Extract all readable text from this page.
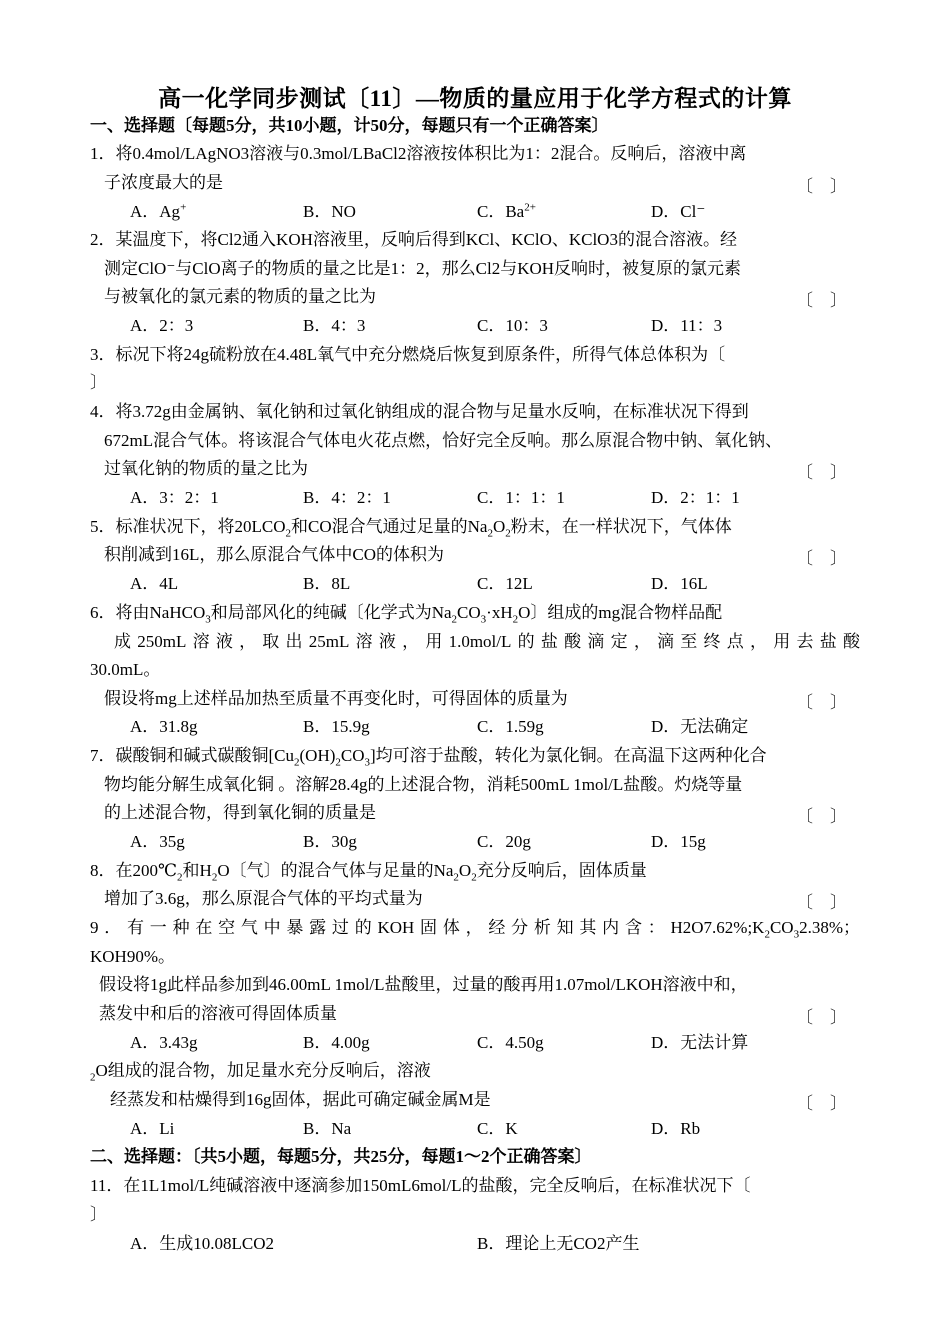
高一化学同步测试〔11〕—物质的量应用于化学方程式的计算
一、选择题〔每题5分，共10小题，计50分，每题只有一个正确答案〕
1．将0.4mol/LAgNO3溶液与0.3mol/LBaCl2溶液按体积比为1：2混合。反响后，溶液中离
子浓度最大的是	〔    〕
A．Ag+	B．NO	C．$Ba^{2+}$	D．Cl⁻
2．某温度下，将Cl2通入KOH溶液里，反响后得到KCl、KClO、KClO3的混合溶液。经
测定ClO⁻与ClO离子的物质的量之比是1：2，那么Cl2与KOH反响时，被复原的氯元素
与被氧化的氯元素的物质的量之比为	〔    〕
A．2：3	B．4：3	C．10：3	D．11：3
3．标况下将24g硫粉放在4.48L氧气中充分燃烧后恢复到原条件，所得气体总体积为〔
〕
4．将3.72g由金属钠、氧化钠和过氧化钠组成的混合物与足量水反响，在标准状况下得到
672mL混合气体。将该混合气体电火花点燃，恰好完全反响。那么原混合物中钠、氧化钠、
过氧化钠的物质的量之比为	〔    〕
A．3：2：1	B．4：2：1	C．1：1：1	D．2：1：1
5．标准状况下，将$20LCO_2$和CO混合气通过足量的$Na_2O_2$粉末，在一样状况下，气体体
积削减到16L，那么原混合气体中CO的体积为	〔    〕
A．4L	B．8L	C．12L	D．16L
6．将由NaHCO$_3$和局部风化的纯碱〔化学式为$Na_2CO_3\cdot xH_2O$〕组成的mg混合物样品配
成250mL溶液，取出25mL溶液，用1.0mol/L的盐酸滴定，滴至终点，用去盐酸
30.0mL。
假设将mg上述样品加热至质量不再变化时，可得固体的质量为	〔    〕
A．31.8g	B．15.9g	C．1.59g	D．无法确定
7．碳酸铜和碱式碳酸铜$[Cu_2(OH)_2CO_3]$均可溶于盐酸，转化为氯化铜。在高温下这两种化合
物均能分解生成氧化铜 。溶解28.4g的上述混合物，消耗500mL 1mol/L盐酸。灼烧等量
的上述混合物，得到氧化铜的质量是	〔    〕
A．35g	B．30g	C．20g	D．15g
8．在$200℃_2$和$H_2O$〔气〕的混合气体与足量的$Na_2O_2$充分反响后，固体质量
增加了3.6g，那么原混合气体的平均式量为	〔    〕
9．有一种在空气中暴露过的KOH固体，经分析知其内含：$H2O7.62\%;K_2CO_32.38\%$；
KOH90%。
假设将1g此样品参加到46.00mL 1mol/L盐酸里，过量的酸再用1.07mol/LKOH溶液中和，
蒸发中和后的溶液可得固体质量	〔    〕
A．3.43g	B．4.00g	C．4.50g	D．无法计算
$_2$O组成的混合物，加足量水充分反响后，溶液
经蒸发和枯燥得到16g固体，据此可确定碱金属M是	〔    〕
A．Li	B．Na	C．K	D．Rb
二、选择题：〔共5小题，每题5分，共25分，每题1～2个正确答案〕
11．在1L1mol/L纯碱溶液中逐滴参加150mL6mol/L的盐酸，完全反响后，在标准状况下〔
〕
A．生成10.08LCO2	B．理论上无CO2产生
